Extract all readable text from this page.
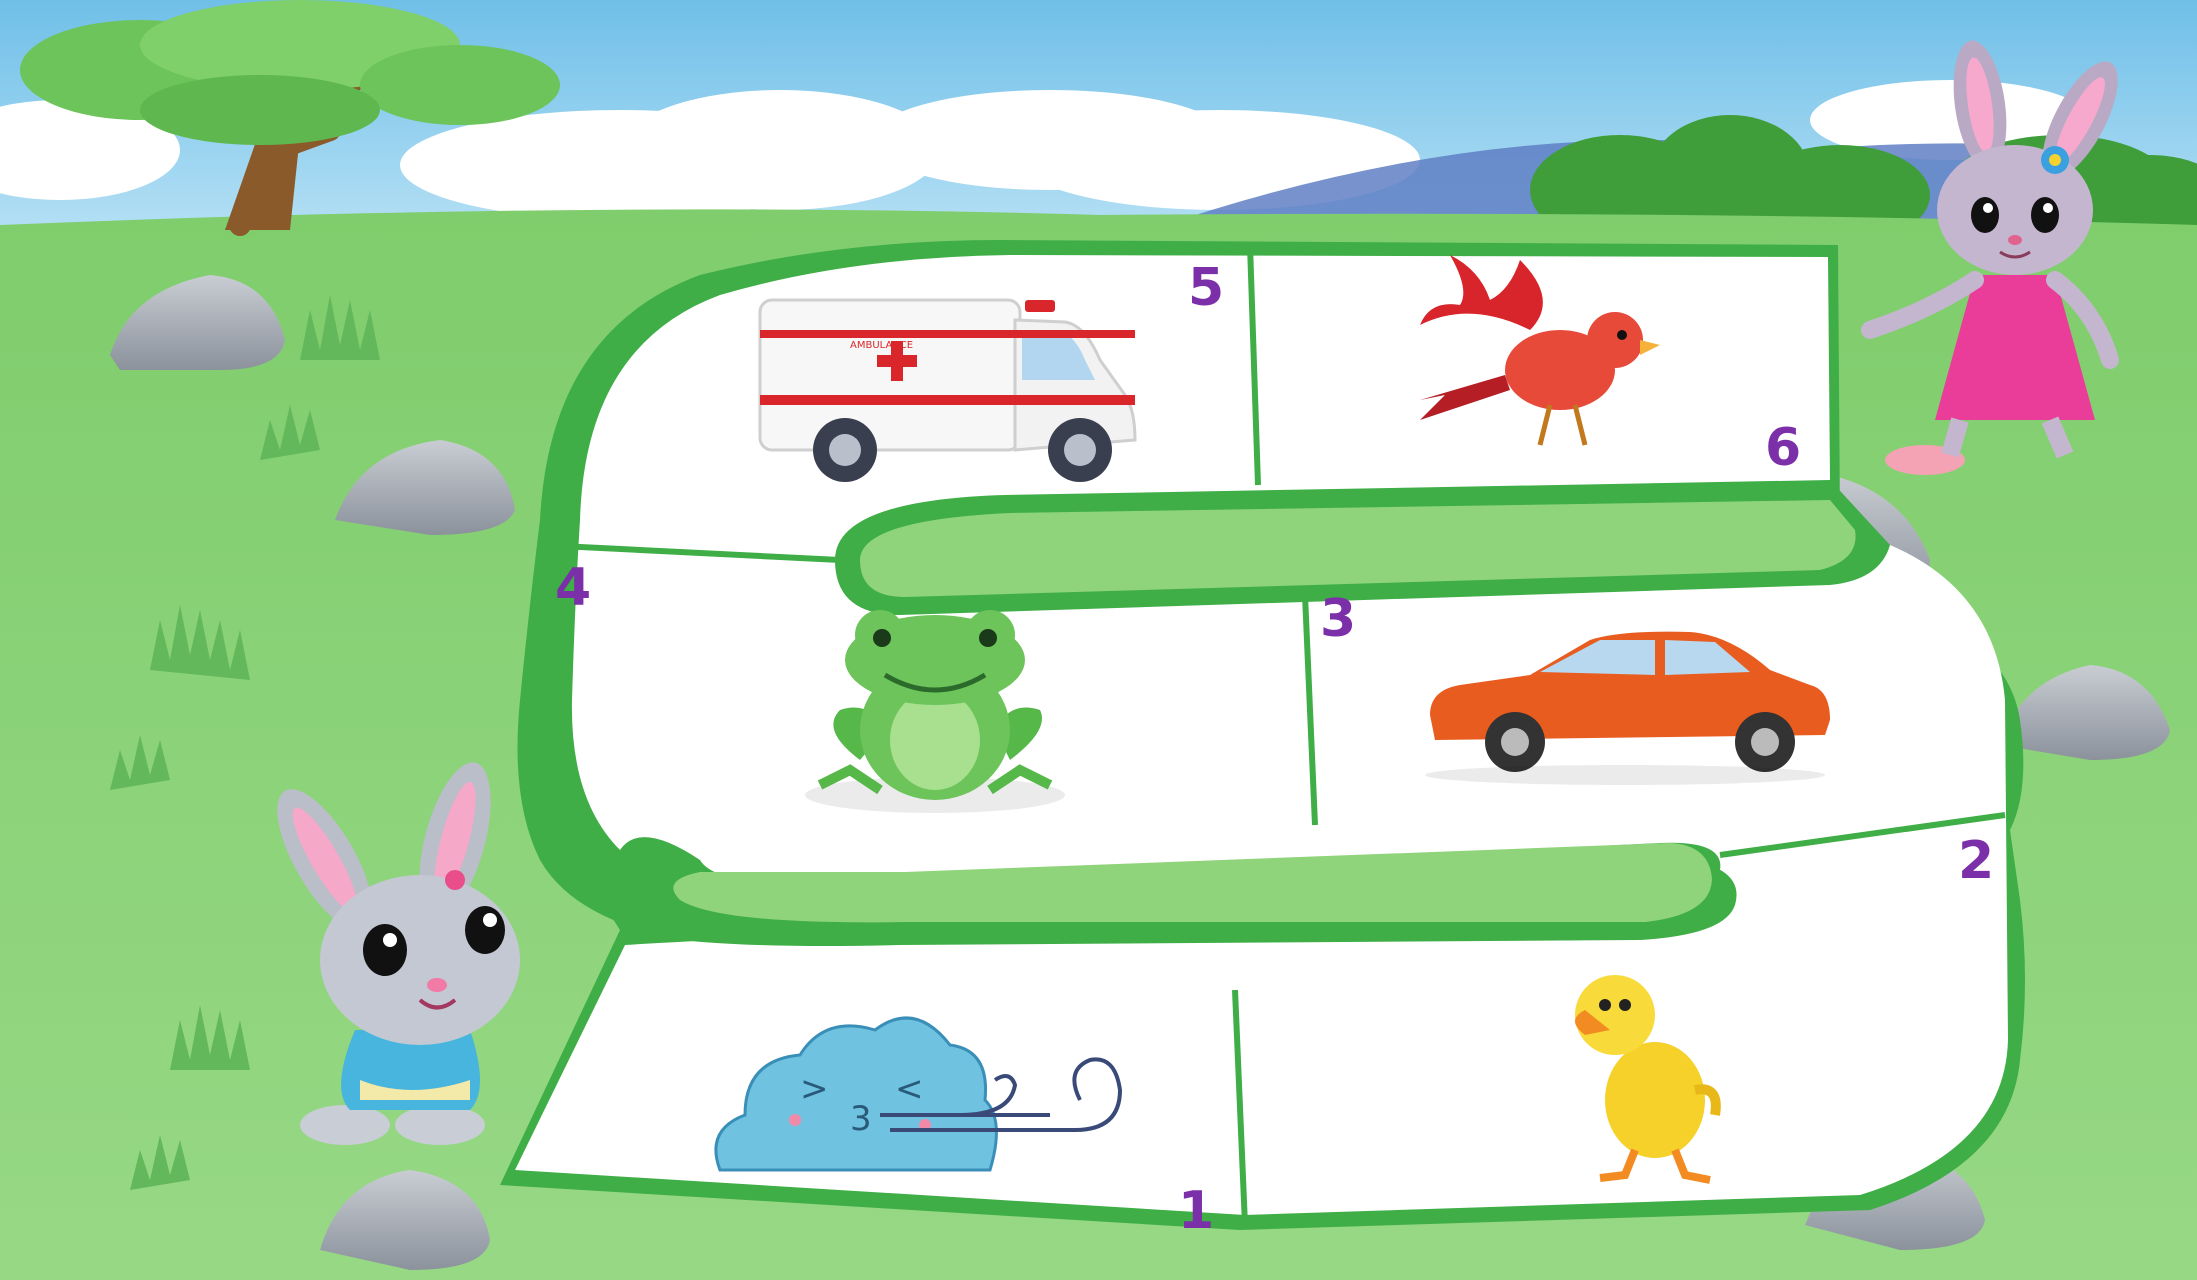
1
2
3
4
5
6
> <
3
AMBULANCE
